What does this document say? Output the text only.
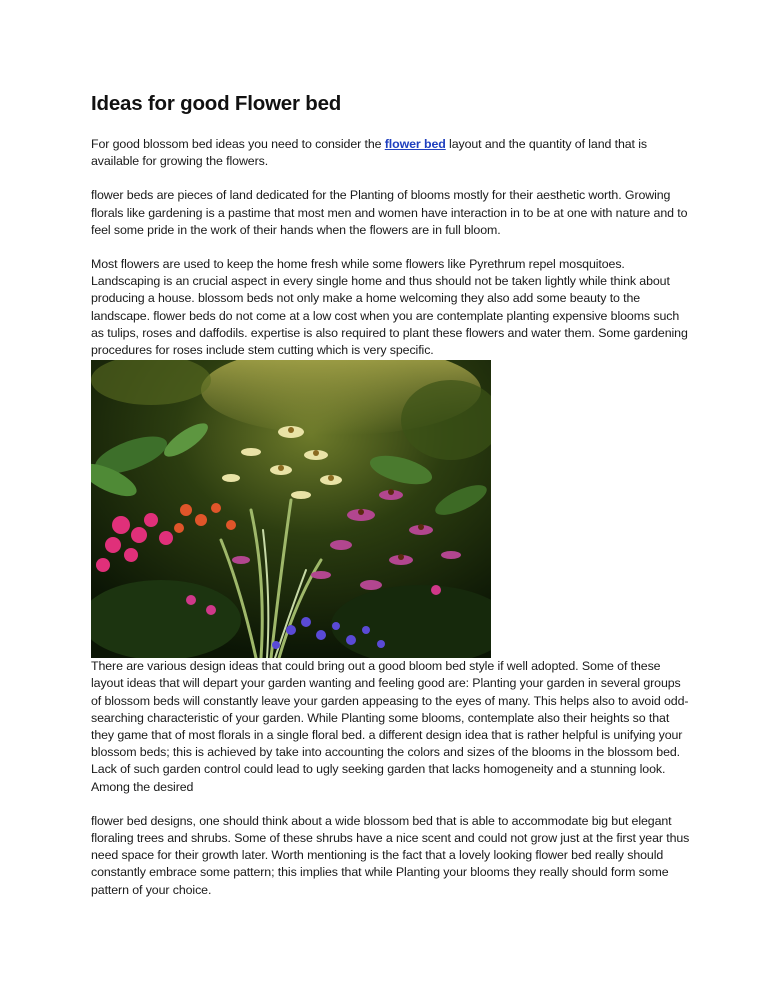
Ideas for good Flower bed

For good blossom bed ideas you need to consider the flower bed layout and the quantity of land that is available for growing the flowers.

flower beds are pieces of land dedicated for the Planting of blooms mostly for their aesthetic worth. Growing florals like gardening is a pastime that most men and women have interaction in to be at one with nature and to feel some pride in the work of their hands when the flowers are in full bloom.

Most flowers are used to keep the home fresh while some flowers like Pyrethrum repel mosquitoes. Landscaping is an crucial aspect in every single home and thus should not be taken lightly while think about producing a house. blossom beds not only make a home welcoming they also add some beauty to the landscape. flower beds do not come at a low cost when you are contemplate planting expensive blooms such as tulips, roses and daffodils. expertise is also required to plant these flowers and water them. Some gardening procedures for roses include stem cutting which is very specific.

There are various design ideas that could bring out a good bloom bed style if well adopted. Some of these layout ideas that will depart your garden wanting and feeling good are: Planting your garden in several groups of blossom beds will constantly leave your garden appeasing to the eyes of many. This helps also to avoid odd-searching characteristic of your garden. While Planting some blooms, contemplate also their heights so that they game that of most florals in a single floral bed. a different design idea that is rather helpful is unifying your blossom beds; this is achieved by take into accounting the colors and sizes of the blooms in the blossom bed. Lack of such garden control could lead to ugly seeking garden that lacks homogeneity and a stunning look. Among the desired

flower bed designs, one should think about a wide blossom bed that is able to accommodate big but elegant floraling trees and shrubs. Some of these shrubs have a nice scent and could not grow just at the first year thus need space for their growth later. Worth mentioning is the fact that a lovely looking flower bed really should constantly embrace some pattern; this implies that while Planting your blooms they really should form some pattern of your choice.
